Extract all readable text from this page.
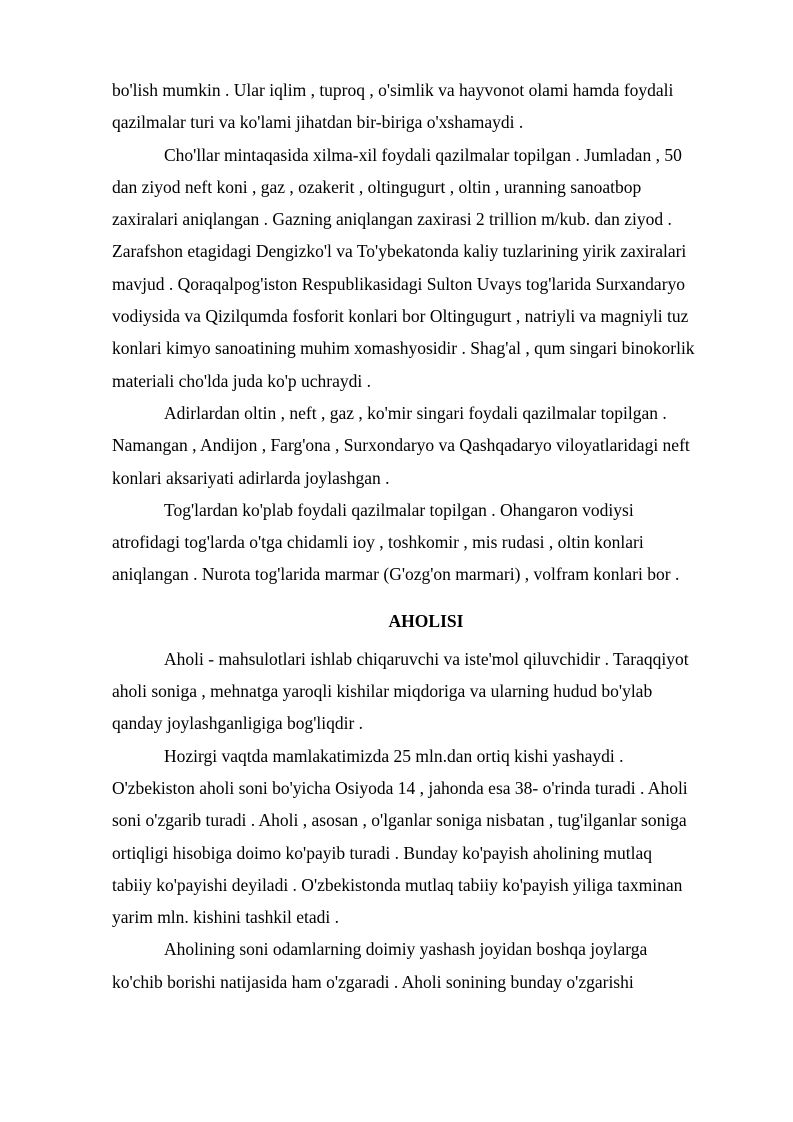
bo'lish mumkin . Ular iqlim , tuproq , o'simlik va hayvonot olami hamda foydali
qazilmalar turi va ko'lami jihatdan bir-biriga o'xshamaydi .
Cho'llar mintaqasida xilma-xil foydali qazilmalar topilgan . Jumladan , 50
dan ziyod neft koni , gaz , ozakerit , oltingugurt , oltin , uranning sanoatbop
zaxiralari aniqlangan . Gazning aniqlangan zaxirasi 2 trillion m/kub. dan ziyod .
Zarafshon etagidagi Dengizko'l va To'ybekatonda kaliy tuzlarining yirik zaxiralari
mavjud . Qoraqalpog'iston Respublikasidagi Sulton Uvays tog'larida Surxandaryo
vodiysida va Qizilqumda fosforit konlari bor Oltingugurt , natriyli va magniyli tuz
konlari kimyo sanoatining muhim xomashyosidir . Shag'al , qum singari binokorlik
materiali cho'lda juda ko'p uchraydi .
Adirlardan oltin , neft , gaz , ko'mir singari foydali qazilmalar topilgan .
Namangan , Andijon , Farg'ona , Surxondaryo va Qashqadaryo viloyatlaridagi neft
konlari aksariyati adirlarda joylashgan .
Tog'lardan ko'plab foydali qazilmalar topilgan . Ohangaron vodiysi
atrofidagi tog'larda o'tga chidamli ioy , toshkomir , mis rudasi , oltin konlari
aniqlangan . Nurota tog'larida marmar (G'ozg'on marmari) , volfram konlari bor .
AHOLISI
Aholi - mahsulotlari ishlab chiqaruvchi va iste'mol qiluvchidir . Taraqqiyot
aholi soniga , mehnatga yaroqli kishilar miqdoriga va ularning hudud bo'ylab
qanday joylashganligiga bog'liqdir .
Hozirgi vaqtda mamlakatimizda 25 mln.dan ortiq kishi yashaydi .
O'zbekiston aholi soni bo'yicha Osiyoda 14 , jahonda esa 38- o'rinda turadi . Aholi
soni o'zgarib turadi . Aholi , asosan , o'lganlar soniga nisbatan , tug'ilganlar soniga
ortiqligi hisobiga doimo ko'payib turadi . Bunday ko'payish aholining mutlaq
tabiiy ko'payishi deyiladi . O'zbekistonda mutlaq tabiiy ko'payish yiliga taxminan
yarim mln. kishini tashkil etadi .
Aholining soni odamlarning doimiy yashash joyidan boshqa joylarga
ko'chib borishi natijasida ham o'zgaradi . Aholi sonining bunday o'zgarishi
